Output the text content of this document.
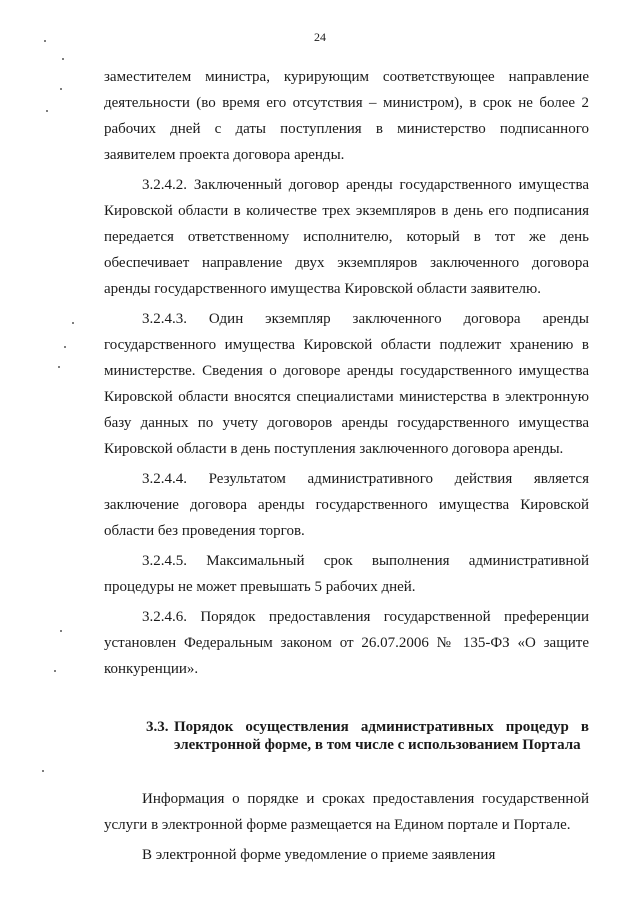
24

заместителем министра, курирующим соответствующее направление деятельности (во время его отсутствия – министром), в срок не более 2 рабочих дней с даты поступления в министерство подписанного заявителем проекта договора аренды.

3.2.4.2. Заключенный договор аренды государственного имущества Кировской области в количестве трех экземпляров в день его подписания передается ответственному исполнителю, который в тот же день обеспечивает направление двух экземпляров заключенного договора аренды государственного имущества Кировской области заявителю.

3.2.4.3. Один экземпляр заключенного договора аренды государственного имущества Кировской области подлежит хранению в министерстве. Сведения о договоре аренды государственного имущества Кировской области вносятся специалистами министерства в электронную базу данных по учету договоров аренды государственного имущества Кировской области в день поступления заключенного договора аренды.

3.2.4.4. Результатом административного действия является заключение договора аренды государственного имущества Кировской области без проведения торгов.

3.2.4.5. Максимальный срок выполнения административной процедуры не может превышать 5 рабочих дней.

3.2.4.6. Порядок предоставления государственной преференции установлен Федеральным законом от 26.07.2006 № 135-ФЗ «О защите конкуренции».

3.3. Порядок осуществления административных процедур в электронной форме, в том числе с использованием Портала

Информация о порядке и сроках предоставления государственной услуги в электронной форме размещается на Едином портале и Портале.

В электронной форме уведомление о приеме заявления
